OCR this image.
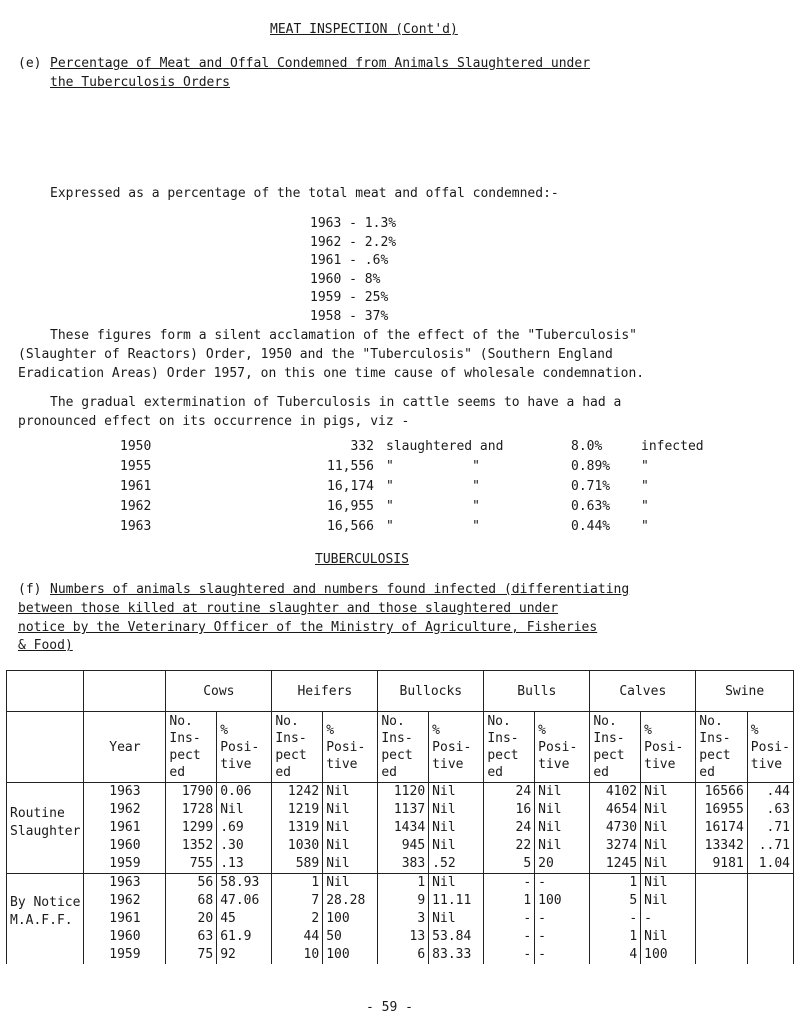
MEAT INSPECTION (Cont'd)
(e) Percentage of Meat and Offal Condemned from Animals Slaughtered under
the Tuberculosis Orders
Expressed as a percentage of the total meat and offal condemned:-
1963 - 1.3%
1962 - 2.2%
1961 - .6%
1960 - 8%
1959 - 25%
1958 - 37%
These figures form a silent acclamation of the effect of the "Tuberculosis"
(Slaughter of Reactors) Order, 1950 and the "Tuberculosis" (Southern England
Eradication Areas) Order 1957, on this one time cause of wholesale condemnation.
The gradual extermination of Tuberculosis in cattle seems to have a had a
pronounced effect on its occurrence in pigs, viz -
1950	332	slaughtered and	8.0%	infected
1955	11,556	"          "	0.89%	"
1961	16,174	"          "	0.71%	"
1962	16,955	"          "	0.63%	"
1963	16,566	"          "	0.44%	"
TUBERCULOSIS
(f) Numbers of animals slaughtered and numbers found infected (differentiating
between those killed at routine slaughter and those slaughtered under
notice by the Veterinary Officer of the Ministry of Agriculture, Fisheries
& Food)
		Cows		Heifers		Bullocks		Bulls		Calves		Swine	
	Year	No.
Ins-
pect
ed	%
Posi-
tive	No.
Ins-
pect
ed	%
Posi-
tive	No.
Ins-
pect
ed	%
Posi-
tive	No.
Ins-
pect
ed	%
Posi-
tive	No.
Ins-
pect
ed	%
Posi-
tive	No.
Ins-
pect
ed	%
Posi-
tive
Routine
Slaughter	1963	1790	0.06	1242	Nil	1120	Nil	24	Nil	4102	Nil	16566	.44
	1962	1728	Nil	1219	Nil	1137	Nil	16	Nil	4654	Nil	16955	.63
	1961	1299	.69	1319	Nil	1434	Nil	24	Nil	4730	Nil	16174	.71
	1960	1352	.30	1030	Nil	945	Nil	22	Nil	3274	Nil	13342	..71
	1959	755	.13	589	Nil	383	.52	5	20	1245	Nil	9181	1.04
By Notice
M.A.F.F.	1963	56	58.93	1	Nil	1	Nil	-	-	1	Nil		
	1962	68	47.06	7	28.28	9	11.11	1	100	5	Nil		
	1961	20	45	2	100	3	Nil	-	-	-	-		
	1960	63	61.9	44	50	13	53.84	-	-	1	Nil		
	1959	75	92	10	100	6	83.33	-	-	4	100		
- 59 -
